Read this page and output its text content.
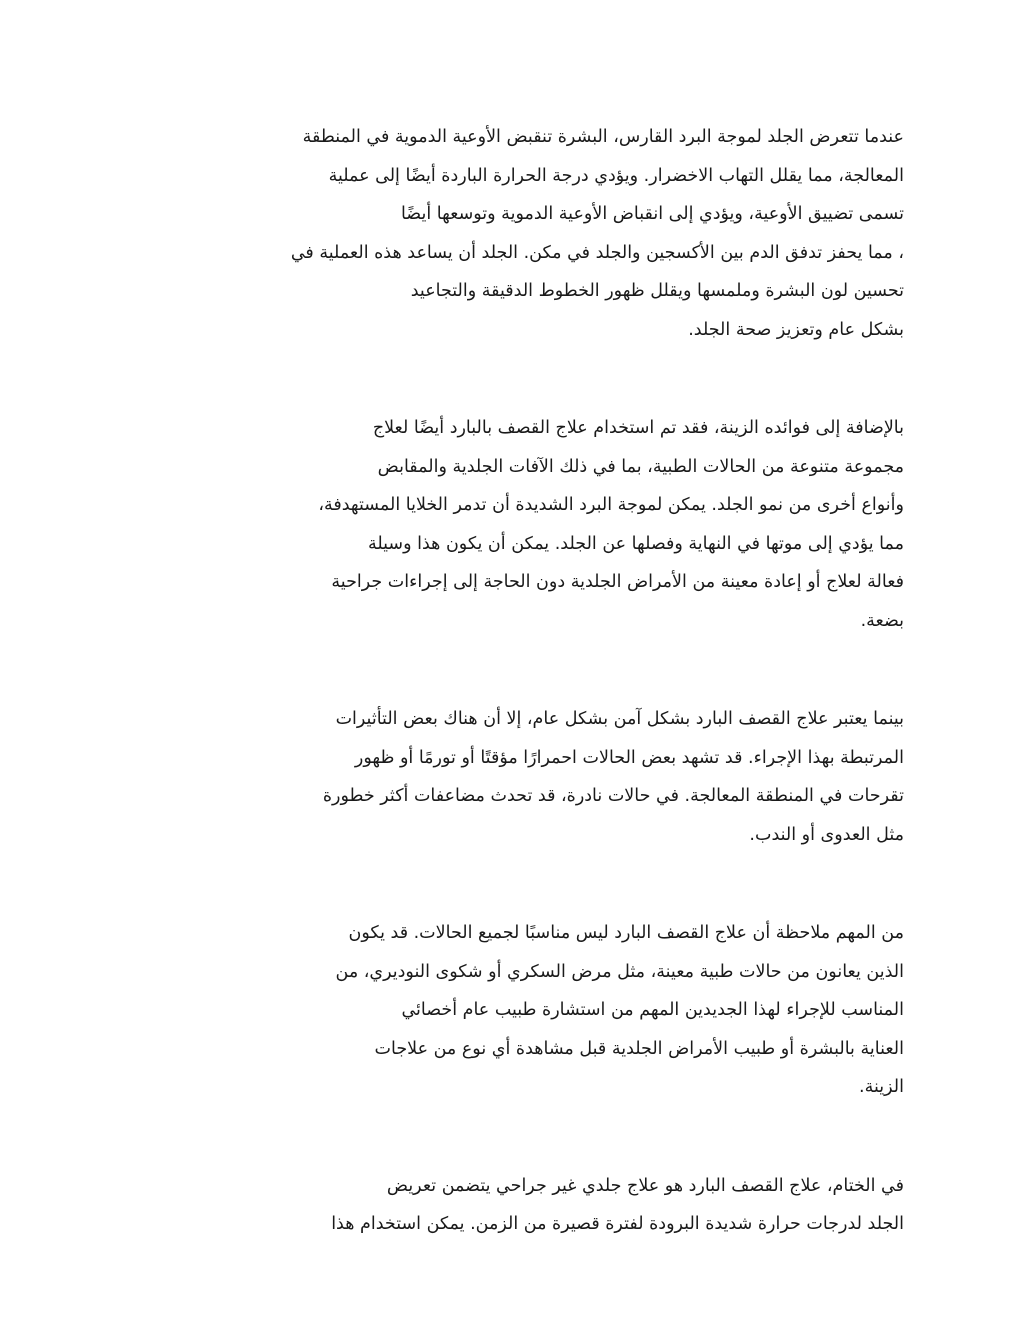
عندما تتعرض الجلد لموجة البرد القارس، البشرة تنقبض الأوعية الدموية في المنطقة
المعالجة، مما يقلل التهاب الاخضرار. ويؤدي درجة الحرارة الباردة أيضًا إلى عملية
تسمى تضييق الأوعية، ويؤدي إلى انقباض الأوعية الدموية وتوسعها أيضًا
، مما يحفز تدفق الدم بين الأكسجين والجلد في مكن. الجلد أن يساعد هذه العملية في
تحسين لون البشرة وملمسها ويقلل ظهور الخطوط الدقيقة والتجاعيد
بشكل عام وتعزيز صحة الجلد.
بالإضافة إلى فوائده الزينة، فقد تم استخدام علاج القصف بالبارد أيضًا لعلاج
مجموعة متنوعة من الحالات الطبية، بما في ذلك الآفات الجلدية والمقابض
وأنواع أخرى من نمو الجلد. يمكن لموجة البرد الشديدة أن تدمر الخلايا المستهدفة،
مما يؤدي إلى موتها في النهاية وفصلها عن الجلد. يمكن أن يكون هذا وسيلة
فعالة لعلاج أو إعادة معينة من الأمراض الجلدية دون الحاجة إلى إجراءات جراحية
بضعة.
بينما يعتبر علاج القصف البارد بشكل آمن بشكل عام، إلا أن هناك بعض التأثيرات
المرتبطة بهذا الإجراء. قد تشهد بعض الحالات احمرارًا مؤقتًا أو تورمًا أو ظهور
تقرحات في المنطقة المعالجة. في حالات نادرة، قد تحدث مضاعفات أكثر خطورة
مثل العدوى أو الندب.
من المهم ملاحظة أن علاج القصف البارد ليس مناسبًا لجميع الحالات. قد يكون
الذين يعانون من حالات طبية معينة، مثل مرض السكري أو شكوى النوديري، من
المناسب للإجراء لهذا الجديدين المهم من استشارة طبيب عام أخصائي
العناية بالبشرة أو طبيب الأمراض الجلدية قبل مشاهدة أي نوع من علاجات
الزينة.
في الختام، علاج القصف البارد هو علاج جلدي غير جراحي يتضمن تعريض
الجلد لدرجات حرارة شديدة البرودة لفترة قصيرة من الزمن. يمكن استخدام هذا
